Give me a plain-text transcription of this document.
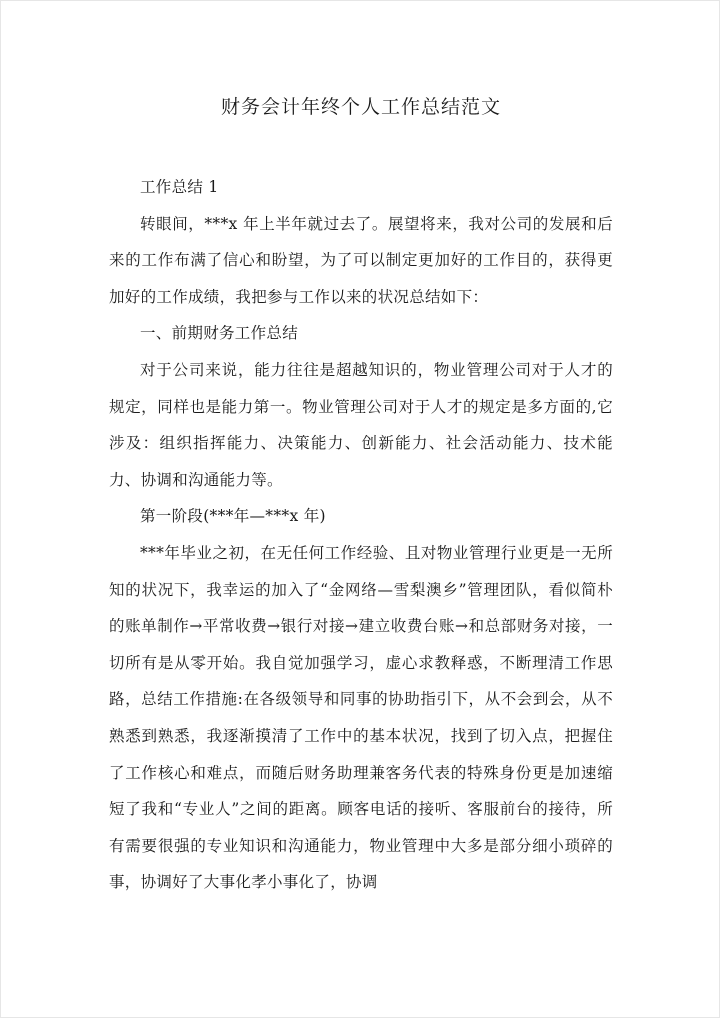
财务会计年终个人工作总结范文

工作总结 1

转眼间，***x 年上半年就过去了。展望将来，我对公司的发展和后来的工作布满了信心和盼望，为了可以制定更加好的工作目的，获得更加好的工作成绩，我把参与工作以来的状况总结如下：

一、前期财务工作总结

对于公司来说，能力往往是超越知识的，物业管理公司对于人才的规定，同样也是能力第一。物业管理公司对于人才的规定是多方面的,它涉及：组织指挥能力、决策能力、创新能力、社会活动能力、技术能力、协调和沟通能力等。

第一阶段(***年—***x 年)

***年毕业之初，在无任何工作经验、且对物业管理行业更是一无所知的状况下，我幸运的加入了“金网络—雪梨澳乡”管理团队，看似简朴的账单制作→平常收费→银行对接→建立收费台账→和总部财务对接，一切所有是从零开始。我自觉加强学习，虚心求教释惑，不断理清工作思路，总结工作措施:在各级领导和同事的协助指引下，从不会到会，从不熟悉到熟悉，我逐渐摸清了工作中的基本状况，找到了切入点，把握住了工作核心和难点，而随后财务助理兼客务代表的特殊身份更是加速缩短了我和“专业人”之间的距离。顾客电话的接听、客服前台的接待，所有需要很强的专业知识和沟通能力，物业管理中大多是部分细小琐碎的事，协调好了大事化孝小事化了，协调
